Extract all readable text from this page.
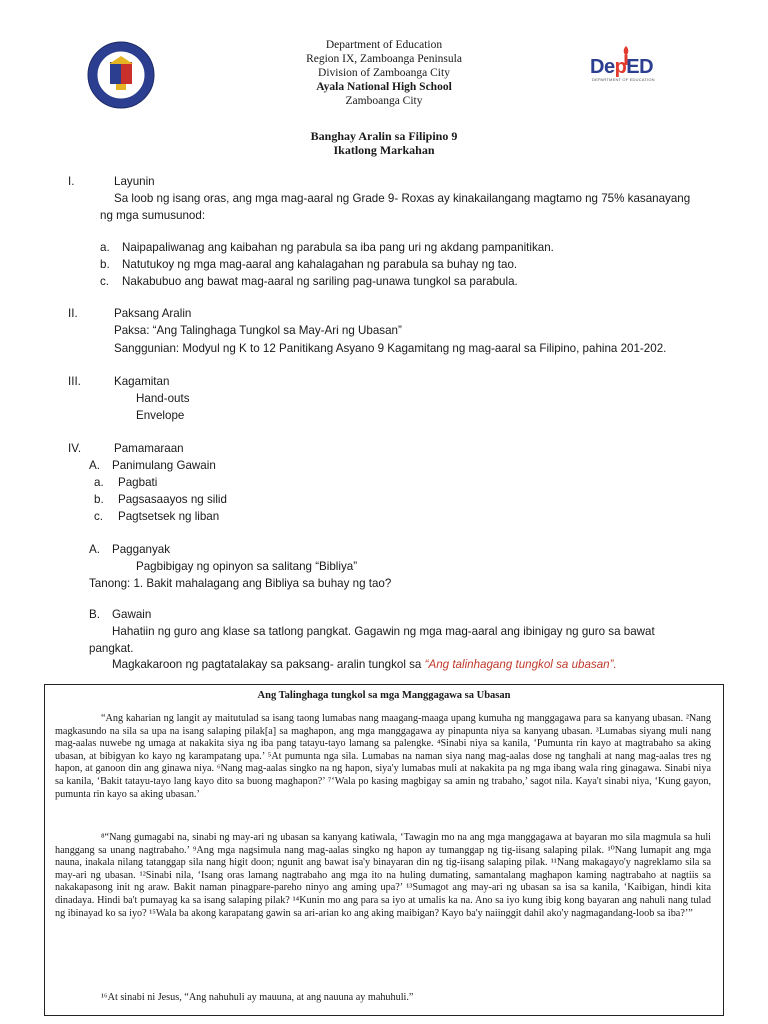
Department of Education
Region IX, Zamboanga Peninsula
Division of Zamboanga City
Ayala National High School
Zamboanga City
DepED
DEPARTMENT OF EDUCATION
Banghay Aralin sa Filipino 9
Ikatlong Markahan
I.	Layunin
Sa loob ng isang oras, ang mga mag-aaral ng Grade 9- Roxas ay kinakailangang magtamo ng 75% kasanayang
ng mga sumusunod:
a. Naipapaliwanag ang kaibahan ng parabula sa iba pang uri ng akdang pampanitikan.
b. Natutukoy ng mga mag-aaral ang kahalagahan ng parabula sa buhay ng tao.
c. Nakabubuo ang bawat mag-aaral ng sariling pag-unawa tungkol sa parabula.
II.	Paksang Aralin
Paksa: “Ang Talinghaga Tungkol sa May-Ari ng Ubasan”
Sanggunian: Modyul ng K to 12 Panitikang Asyano 9 Kagamitang ng mag-aaral sa Filipino, pahina 201-202.
III.	Kagamitan
Hand-outs
Envelope
IV.	Pamamaraan
A. Panimulang Gawain
a. Pagbati
b. Pagsasaayos ng silid
c. Pagtsetsek ng liban
A. Pagganyak
Pagbibigay ng opinyon sa salitang “Bibliya”
Tanong: 1. Bakit mahalagang ang Bibliya sa buhay ng tao?
B. Gawain
Hahatiin ng guro ang klase sa tatlong pangkat. Gagawin ng mga mag-aaral ang ibinigay ng guro sa bawat
pangkat.
Magkakaroon ng pagtatalakay sa paksang- aralin tungkol sa “Ang talinhagang tungkol sa ubasan”.
Ang Talinghaga tungkol sa mga Manggagawa sa Ubasan
“Ang kaharian ng langit ay maitutulad sa isang taong lumabas nang maagang-maaga upang kumuha ng manggagawa para sa kanyang ubasan. ²Nang magkasundo na sila sa upa na isang salaping pilak[a] sa maghapon, ang mga manggagawa ay pinapunta niya sa kanyang ubasan. ³Lumabas siyang muli nang mag-aalas nuwebe ng umaga at nakakita siya ng iba pang tatayu-tayo lamang sa palengke. ⁴Sinabi niya sa kanila, ‘Pumunta rin kayo at magtrabaho sa aking ubasan, at bibigyan ko kayo ng karampatang upa.’ ⁵At pumunta nga sila. Lumabas na naman siya nang mag-aalas dose ng tanghali at nang mag-aalas tres ng hapon, at ganoon din ang ginawa niya. ⁶Nang mag-aalas singko na ng hapon, siya'y lumabas muli at nakakita pa ng mga ibang wala ring ginagawa. Sinabi niya sa kanila, ‘Bakit tatayu-tayo lang kayo dito sa buong maghapon?’ ⁷‘Wala po kasing magbigay sa amin ng trabaho,’ sagot nila. Kaya't sinabi niya, ‘Kung gayon, pumunta rin kayo sa aking ubasan.’
⁸“Nang gumagabi na, sinabi ng may-ari ng ubasan sa kanyang katiwala, ‘Tawagin mo na ang mga manggagawa at bayaran mo sila magmula sa huli hanggang sa unang nagtrabaho.’ ⁹Ang mga nagsimula nang mag-aalas singko ng hapon ay tumanggap ng tig-iisang salaping pilak. ¹⁰Nang lumapit ang mga nauna, inakala nilang tatanggap sila nang higit doon; ngunit ang bawat isa'y binayaran din ng tig-iisang salaping pilak. ¹¹Nang makagayo'y nagreklamo sila sa may-ari ng ubasan. ¹²Sinabi nila, ‘Isang oras lamang nagtrabaho ang mga ito na huling dumating, samantalang maghapon kaming nagtrabaho at nagtiis sa nakakapasong init ng araw. Bakit naman pinagpare-pareho ninyo ang aming upa?’ ¹³Sumagot ang may-ari ng ubasan sa isa sa kanila, ‘Kaibigan, hindi kita dinadaya. Hindi ba't pumayag ka sa isang salaping pilak? ¹⁴Kunin mo ang para sa iyo at umalis ka na. Ano sa iyo kung ibig kong bayaran ang nahuli nang tulad ng ibinayad ko sa iyo? ¹⁵Wala ba akong karapatang gawin sa ari-arian ko ang aking maibigan? Kayo ba'y naiinggit dahil ako'y nagmagandang-loob sa iba?’”
¹⁶At sinabi ni Jesus, “Ang nahuhuli ay mauuna, at ang nauuna ay mahuhuli.”
